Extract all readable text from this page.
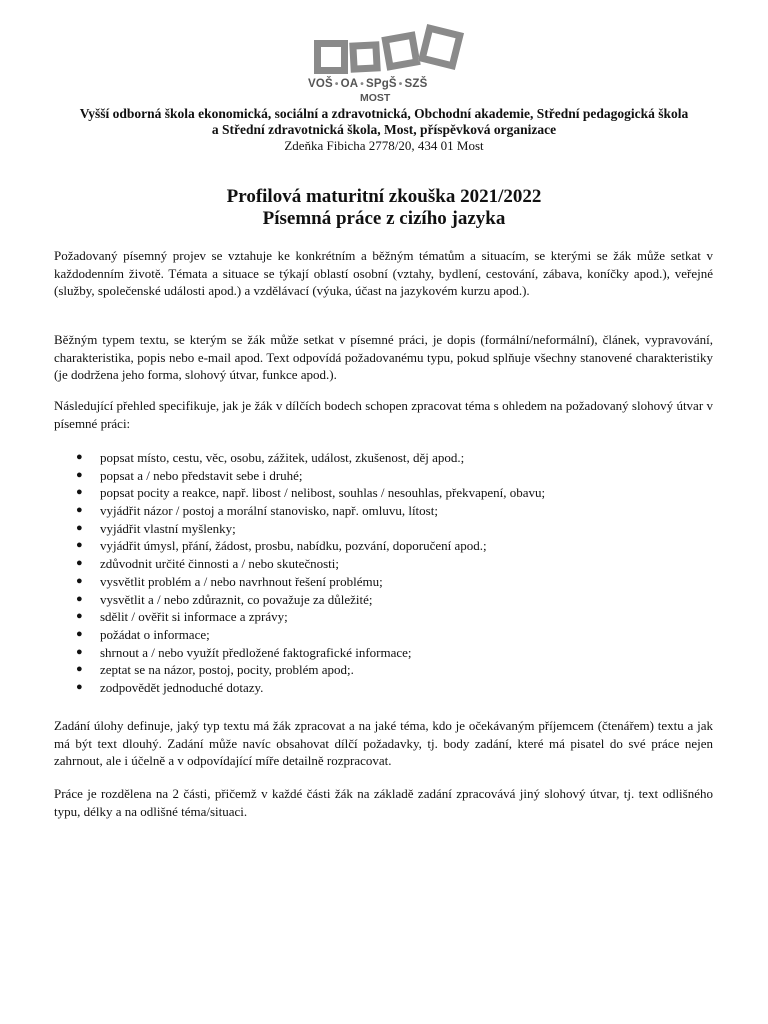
VOŠ • OA • SPgŠ • SZŠ
MOST
Vyšší odborná škola ekonomická, sociální a zdravotnická, Obchodní akademie, Střední pedagogická škola
a Střední zdravotnická škola, Most, příspěvková organizace
Zdeňka Fibicha 2778/20, 434 01 Most
Profilová maturitní zkouška 2021/2022
Písemná práce z cizího jazyka
Požadovaný písemný projev se vztahuje ke konkrétním a běžným tématům a situacím, se kterými se žák může setkat v každodenním životě. Témata a situace se týkají oblastí osobní (vztahy, bydlení, cestování, zábava, koníčky apod.), veřejné (služby, společenské události apod.) a vzdělávací (výuka, účast na jazykovém kurzu apod.).
Běžným typem textu, se kterým se žák může setkat v písemné práci, je dopis (formální/neformální), článek, vypravování, charakteristika, popis nebo e-mail apod. Text odpovídá požadovanému typu, pokud splňuje všechny stanovené charakteristiky (je dodržena jeho forma, slohový útvar, funkce apod.).
Následující přehled specifikuje, jak je žák v dílčích bodech schopen zpracovat téma s ohledem na požadovaný slohový útvar v písemné práci:
● popsat místo, cestu, věc, osobu, zážitek, událost, zkušenost, děj apod.;
● popsat a / nebo představit sebe i druhé;
● popsat pocity a reakce, např. libost / nelibost, souhlas / nesouhlas, překvapení, obavu;
● vyjádřit názor / postoj a morální stanovisko, např. omluvu, lítost;
● vyjádřit vlastní myšlenky;
● vyjádřit úmysl, přání, žádost, prosbu, nabídku, pozvání, doporučení apod.;
● zdůvodnit určité činnosti a / nebo skutečnosti;
● vysvětlit problém a / nebo navrhnout řešení problému;
● vysvětlit a / nebo zdůraznit, co považuje za důležité;
● sdělit / ověřit si informace a zprávy;
● požádat o informace;
● shrnout a / nebo využít předložené faktografické informace;
● zeptat se na názor, postoj, pocity, problém apod;.
● zodpovědět jednoduché dotazy.
Zadání úlohy definuje, jaký typ textu má žák zpracovat a na jaké téma, kdo je očekávaným příjemcem (čtenářem) textu a jak má být text dlouhý. Zadání může navíc obsahovat dílčí požadavky, tj. body zadání, které má pisatel do své práce nejen zahrnout, ale i účelně a v odpovídající míře detailně rozpracovat.
Práce je rozdělena na 2 části, přičemž v každé části žák na základě zadání zpracovává jiný slohový útvar, tj. text odlišného typu, délky a na odlišné téma/situaci.
